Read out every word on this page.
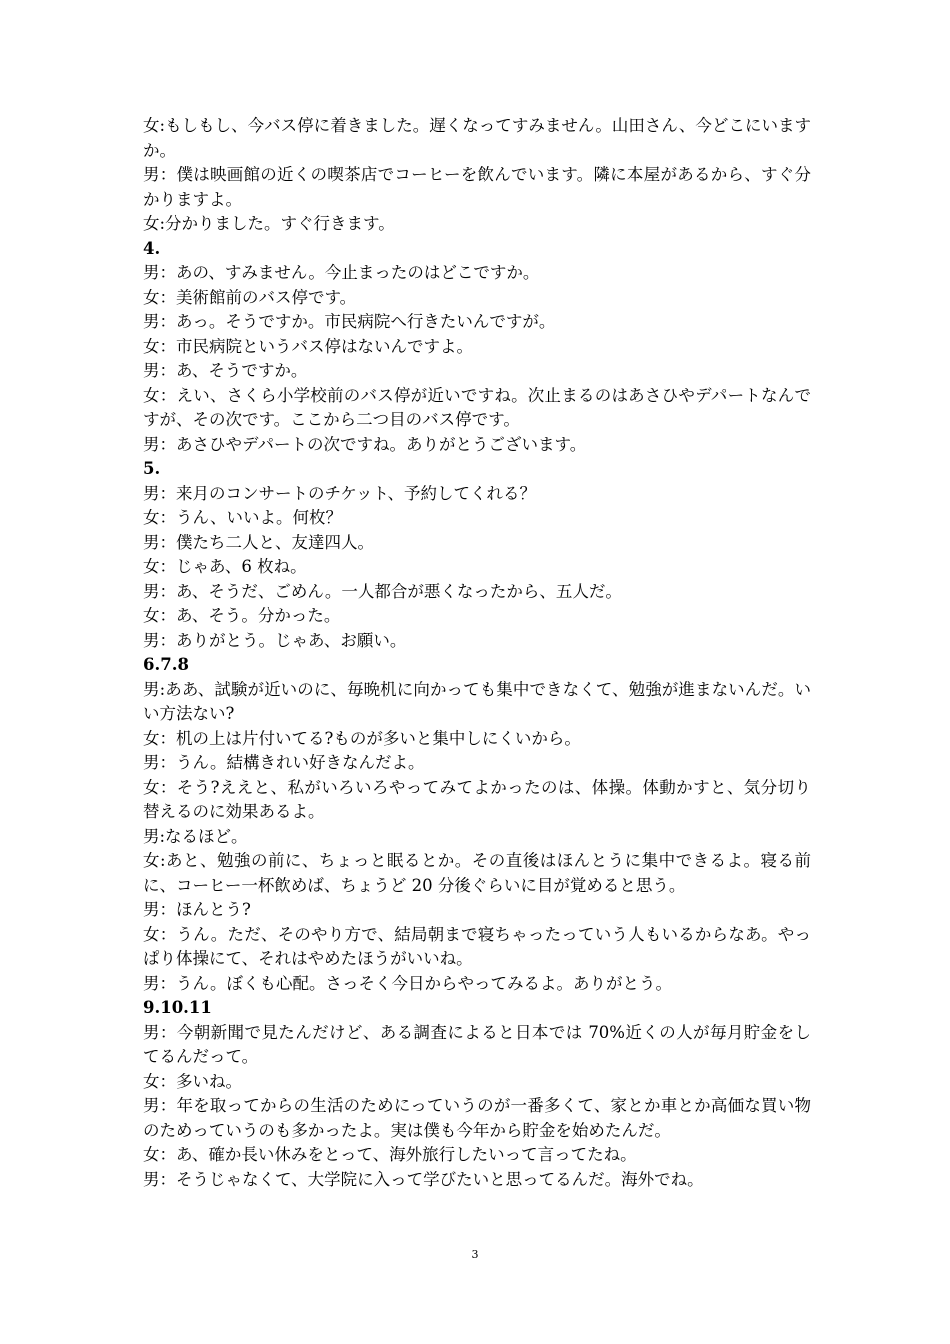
女:もしもし、今バス停に着きました。遅くなってすみません。山田さん、今どこにいますか。

男：僕は映画館の近くの喫茶店でコーヒーを飲んでいます。隣に本屋があるから、すぐ分かりますよ。

女:分かりました。すぐ行きます。

4.

男：あの、すみません。今止まったのはどこですか。

女：美術館前のバス停です。

男：あっ。そうですか。市民病院へ行きたいんですが。

女：市民病院というバス停はないんですよ。

男：あ、そうですか。

女：えい、さくら小学校前のバス停が近いですね。次止まるのはあさひやデパートなんですが、その次です。ここから二つ目のバス停です。

男：あさひやデパートの次ですね。ありがとうございます。

5.

男：来月のコンサートのチケット、予約してくれる？

女：うん、いいよ。何枚？

男：僕たち二人と、友達四人。

女：じゃあ、6 枚ね。

男：あ、そうだ、ごめん。一人都合が悪くなったから、五人だ。

女：あ、そう。分かった。

男：ありがとう。じゃあ、お願い。

6.7.8

男:ああ、試験が近いのに、毎晩机に向かっても集中できなくて、勉強が進まないんだ。いい方法ない?

女：机の上は片付いてる?ものが多いと集中しにくいから。

男：うん。結構きれい好きなんだよ。

女：そう?ええと、私がいろいろやってみてよかったのは、体操。体動かすと、気分切り替えるのに効果あるよ。

男:なるほど。

女:あと、勉強の前に、ちょっと眠るとか。その直後はほんとうに集中できるよ。寝る前に、コーヒー一杯飲めば、ちょうど 20 分後ぐらいに目が覚めると思う。

男：ほんとう?

女：うん。ただ、そのやり方で、結局朝まで寝ちゃったっていう人もいるからなあ。やっぱり体操にて、それはやめたほうがいいね。

男：うん。ぼくも心配。さっそく今日からやってみるよ。ありがとう。

9.10.11

男：今朝新聞で見たんだけど、ある調査によると日本では 70%近くの人が毎月貯金をしてるんだって。

女：多いね。

男：年を取ってからの生活のためにっていうのが一番多くて、家とか車とか高価な買い物のためっていうのも多かったよ。実は僕も今年から貯金を始めたんだ。

女：あ、確か長い休みをとって、海外旅行したいって言ってたね。

男：そうじゃなくて、大学院に入って学びたいと思ってるんだ。海外でね。

3
